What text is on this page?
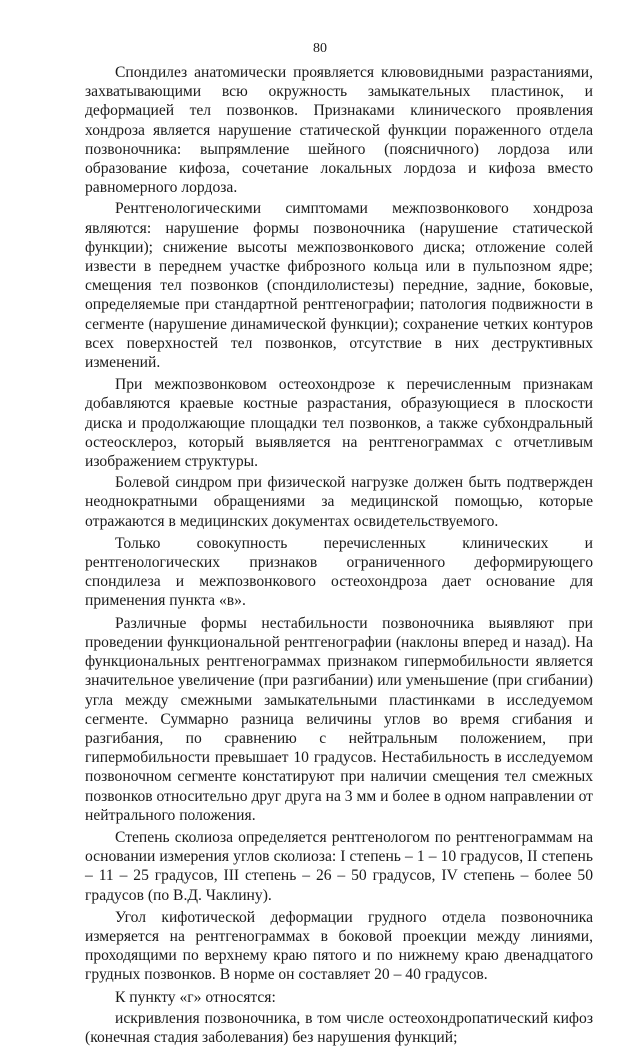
80

Спондилез анатомически проявляется клювовидными разрастаниями, захватывающими всю окружность замыкательных пластинок, и деформацией тел позвонков. Признаками клинического проявления хондроза является нарушение статической функции пораженного отдела позвоночника: выпрямление шейного (поясничного) лордоза или образование кифоза, сочетание локальных лордоза и кифоза вместо равномерного лордоза.

Рентгенологическими симптомами межпозвонкового хондроза являются: нарушение формы позвоночника (нарушение статической функции); снижение высоты межпозвонкового диска; отложение солей извести в переднем участке фиброзного кольца или в пульпозном ядре; смещения тел позвонков (спондилолистезы) передние, задние, боковые, определяемые при стандартной рентгенографии; патология подвижности в сегменте (нарушение динамической функции); сохранение четких контуров всех поверхностей тел позвонков, отсутствие в них деструктивных изменений.

При межпозвонковом остеохондрозе к перечисленным признакам добавляются краевые костные разрастания, образующиеся в плоскости диска и продолжающие площадки тел позвонков, а также субхондральный остеосклероз, который выявляется на рентгенограммах с отчетливым изображением структуры.

Болевой синдром при физической нагрузке должен быть подтвержден неоднократными обращениями за медицинской помощью, которые отражаются в медицинских документах освидетельствуемого.

Только совокупность перечисленных клинических и рентгенологических признаков ограниченного деформирующего спондилеза и межпозвонкового остеохондроза дает основание для применения пункта «в».

Различные формы нестабильности позвоночника выявляют при проведении функциональной рентгенографии (наклоны вперед и назад). На функциональных рентгенограммах признаком гипермобильности является значительное увеличение (при разгибании) или уменьшение (при сгибании) угла между смежными замыкательными пластинками в исследуемом сегменте. Суммарно разница величины углов во время сгибания и разгибания, по сравнению с нейтральным положением, при гипермобильности превышает 10 градусов. Нестабильность в исследуемом позвоночном сегменте констатируют при наличии смещения тел смежных позвонков относительно друг друга на 3 мм и более в одном направлении от нейтрального положения.

Степень сколиоза определяется рентгенологом по рентгенограммам на основании измерения углов сколиоза: I степень – 1 – 10 градусов, II степень – 11 – 25 градусов, III степень – 26 – 50 градусов, IV степень – более 50 градусов (по В.Д. Чаклину).

Угол кифотической деформации грудного отдела позвоночника измеряется на рентгенограммах в боковой проекции между линиями, проходящими по верхнему краю пятого и по нижнему краю двенадцатого грудных позвонков. В норме он составляет 20 – 40 градусов.

К пункту «г» относятся:

искривления позвоночника, в том числе остеохондропатический кифоз (конечная стадия заболевания) без нарушения функций;
